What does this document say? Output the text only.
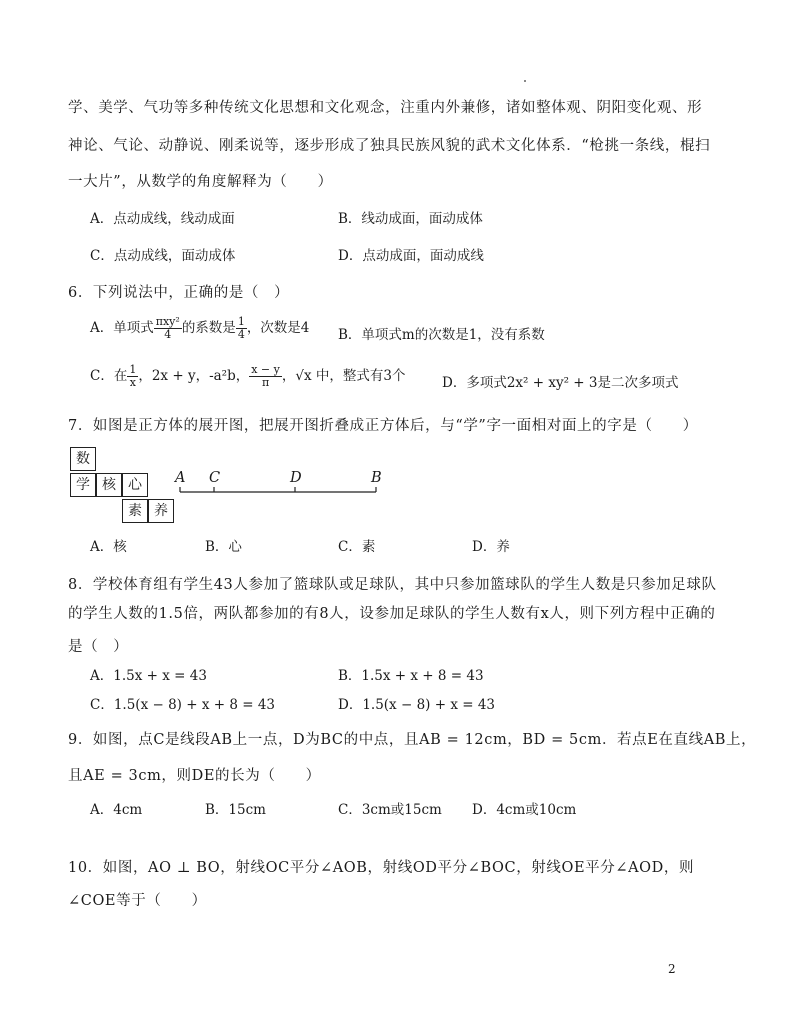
学、美学、气功等多种传统文化思想和文化观念，注重内外兼修，诸如整体观、阴阳变化观、形
神论、气论、动静说、刚柔说等，逐步形成了独具民族风貌的武术文化体系．“枪挑一条线，棍扫
一大片”，从数学的角度解释为（　　）
A．点动成线，线动成面	B．线动成面，面动成体
C．点动成线，面动成体	D．点动成面，面动成线
6．下列说法中，正确的是（　）
A．单项式 $\frac{\text{πxy²}}{4}$ 的系数是 $\frac{1}{4}$ ，次数是4 B．单项式m的次数是1，没有系数
C．在 $\frac{1}{x}$ ，2x + y，-a²b， $\frac{x - y}{\pi}$ ，√x 中，整式有3个	D．多项式2x² + xy² + 3是二次多项式
7．如图是正方体的展开图，把展开图折叠成正方体后，与“学”字一面相对面上的字是（　　）
数
学 核 心
素 养
A C	D	B
A．核	B．心	C．素	D．养
8．学校体育组有学生43人参加了篮球队或足球队，其中只参加篮球队的学生人数是只参加足球队
的学生人数的1.5倍，两队都参加的有8人，设参加足球队的学生人数有x人，则下列方程中正确的
是（　）
A．1.5x + x = 43	B．1.5x + x + 8 = 43
C．1.5(x − 8) + x + 8 = 43	D．1.5(x − 8) + x = 43
9．如图，点C是线段AB上一点，D为BC的中点，且AB = 12cm，BD = 5cm．若点E在直线AB上，
且AE = 3cm，则DE的长为（　　）
A．4cm	B．15cm	C．3cm或15cm D．4cm或10cm
10．如图，AO ⊥ BO，射线OC平分∠AOB，射线OD平分∠BOC，射线OE平分∠AOD，则
∠COE等于（　　）
2
